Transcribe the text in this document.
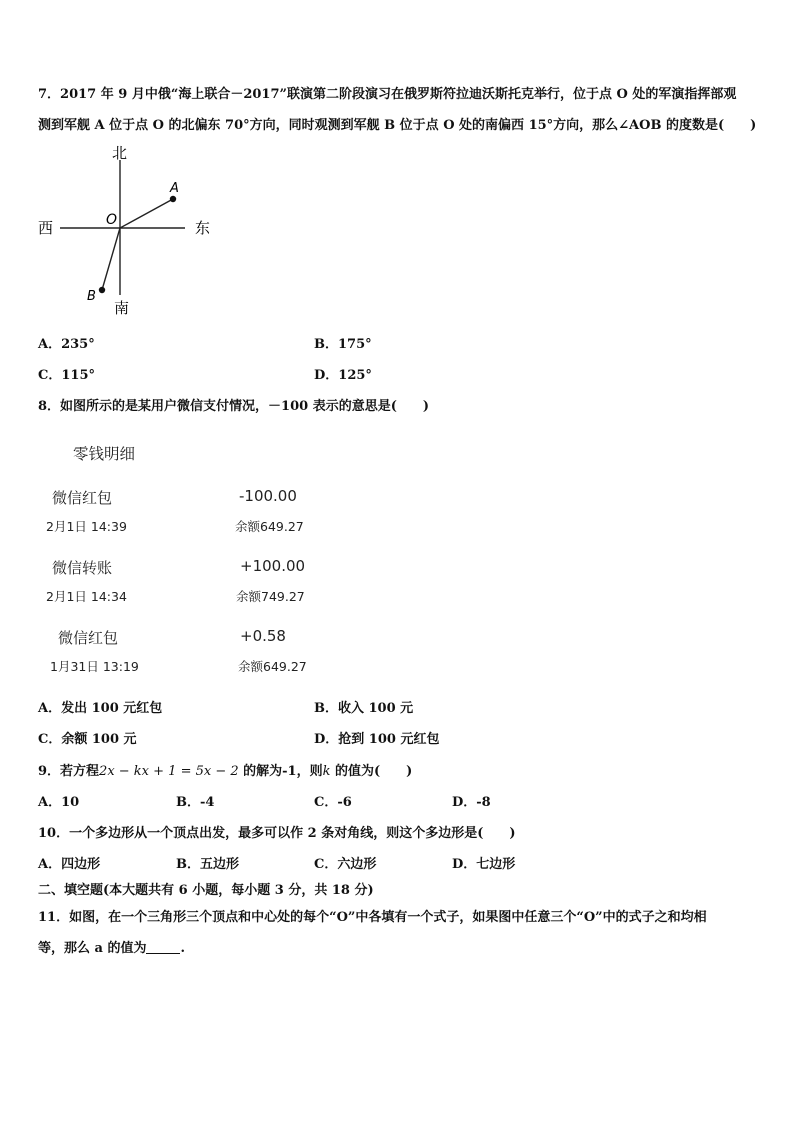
7．2017 年 9 月中俄“海上联合－2017”联演第二阶段演习在俄罗斯符拉迪沃斯托克举行，位于点 O 处的军演指挥部观
测到军舰 A 位于点 O 的北偏东 70°方向，同时观测到军舰 B 位于点 O 处的南偏西 15°方向，那么∠AOB 的度数是(　　)
北
南
东
西	O
A
B
A．235°	B．175°
C．115°	D．125°
8．如图所示的是某用户微信支付情况，－100 表示的意思是(　　)
零钱明细
微信红包	-100.00
2月1日 14:39	余额649.27
微信转账	+100.00
2月1日 14:34	余额749.27
微信红包	+0.58
1月31日 13:19	余额649.27
A．发出 100 元红包	B．收入 100 元
C．余额 100 元	D．抢到 100 元红包
9．若方程2x − kx + 1 = 5x − 2 的解为-1，则k 的值为(　　)
A．10	B．-4	C．-6	D．-8
10．一个多边形从一个顶点出发，最多可以作 2 条对角线，则这个多边形是(　　)
A．四边形	B．五边形	C．六边形	D．七边形
二、填空题(本大题共有 6 小题，每小题 3 分，共 18 分)
11．如图，在一个三角形三个顶点和中心处的每个“O”中各填有一个式子，如果图中任意三个“O”中的式子之和均相
等，那么 a 的值为	.
